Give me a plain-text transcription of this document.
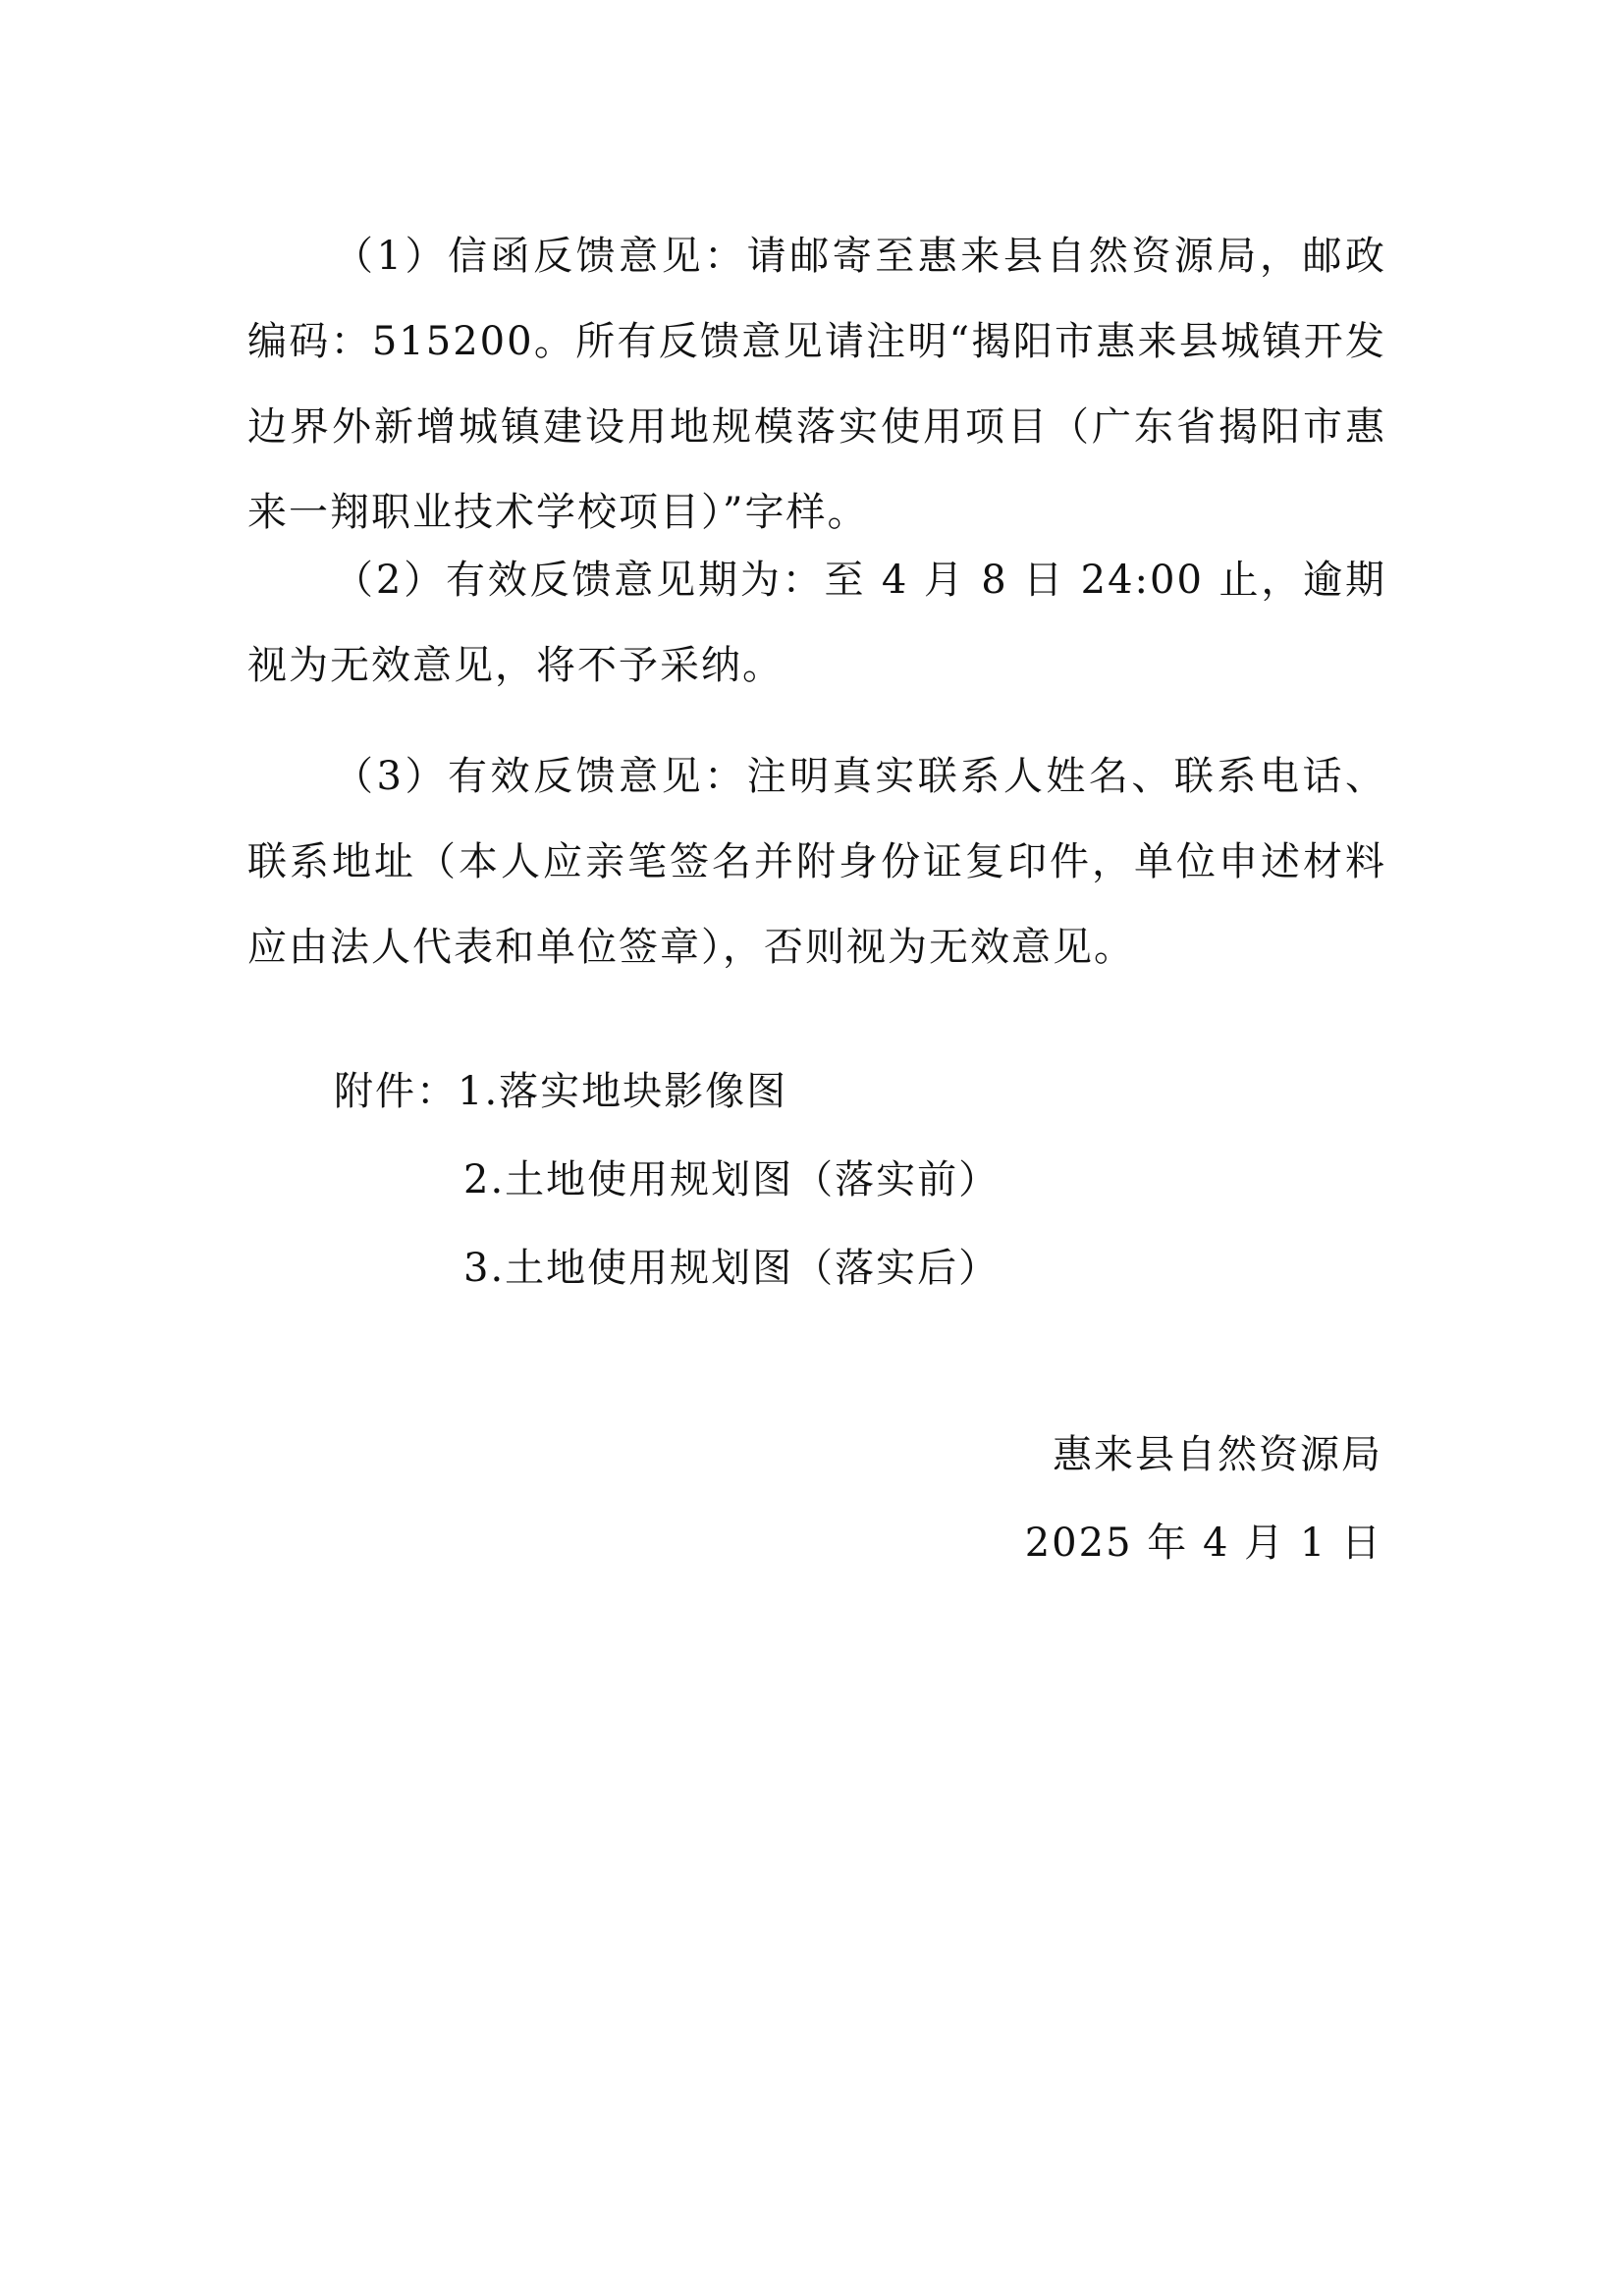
（1）信函反馈意见：请邮寄至惠来县自然资源局，邮政编码：515200。所有反馈意见请注明“揭阳市惠来县城镇开发边界外新增城镇建设用地规模落实使用项目（广东省揭阳市惠来一翔职业技术学校项目）”字样。

（2）有效反馈意见期为：至 4 月 8 日 24:00 止，逾期视为无效意见，将不予采纳。

（3）有效反馈意见：注明真实联系人姓名、联系电话、联系地址（本人应亲笔签名并附身份证复印件，单位申述材料应由法人代表和单位签章），否则视为无效意见。

附件：1.落实地块影像图
2.土地使用规划图（落实前）
3.土地使用规划图（落实后）
惠来县自然资源局
2025 年 4 月 1 日
